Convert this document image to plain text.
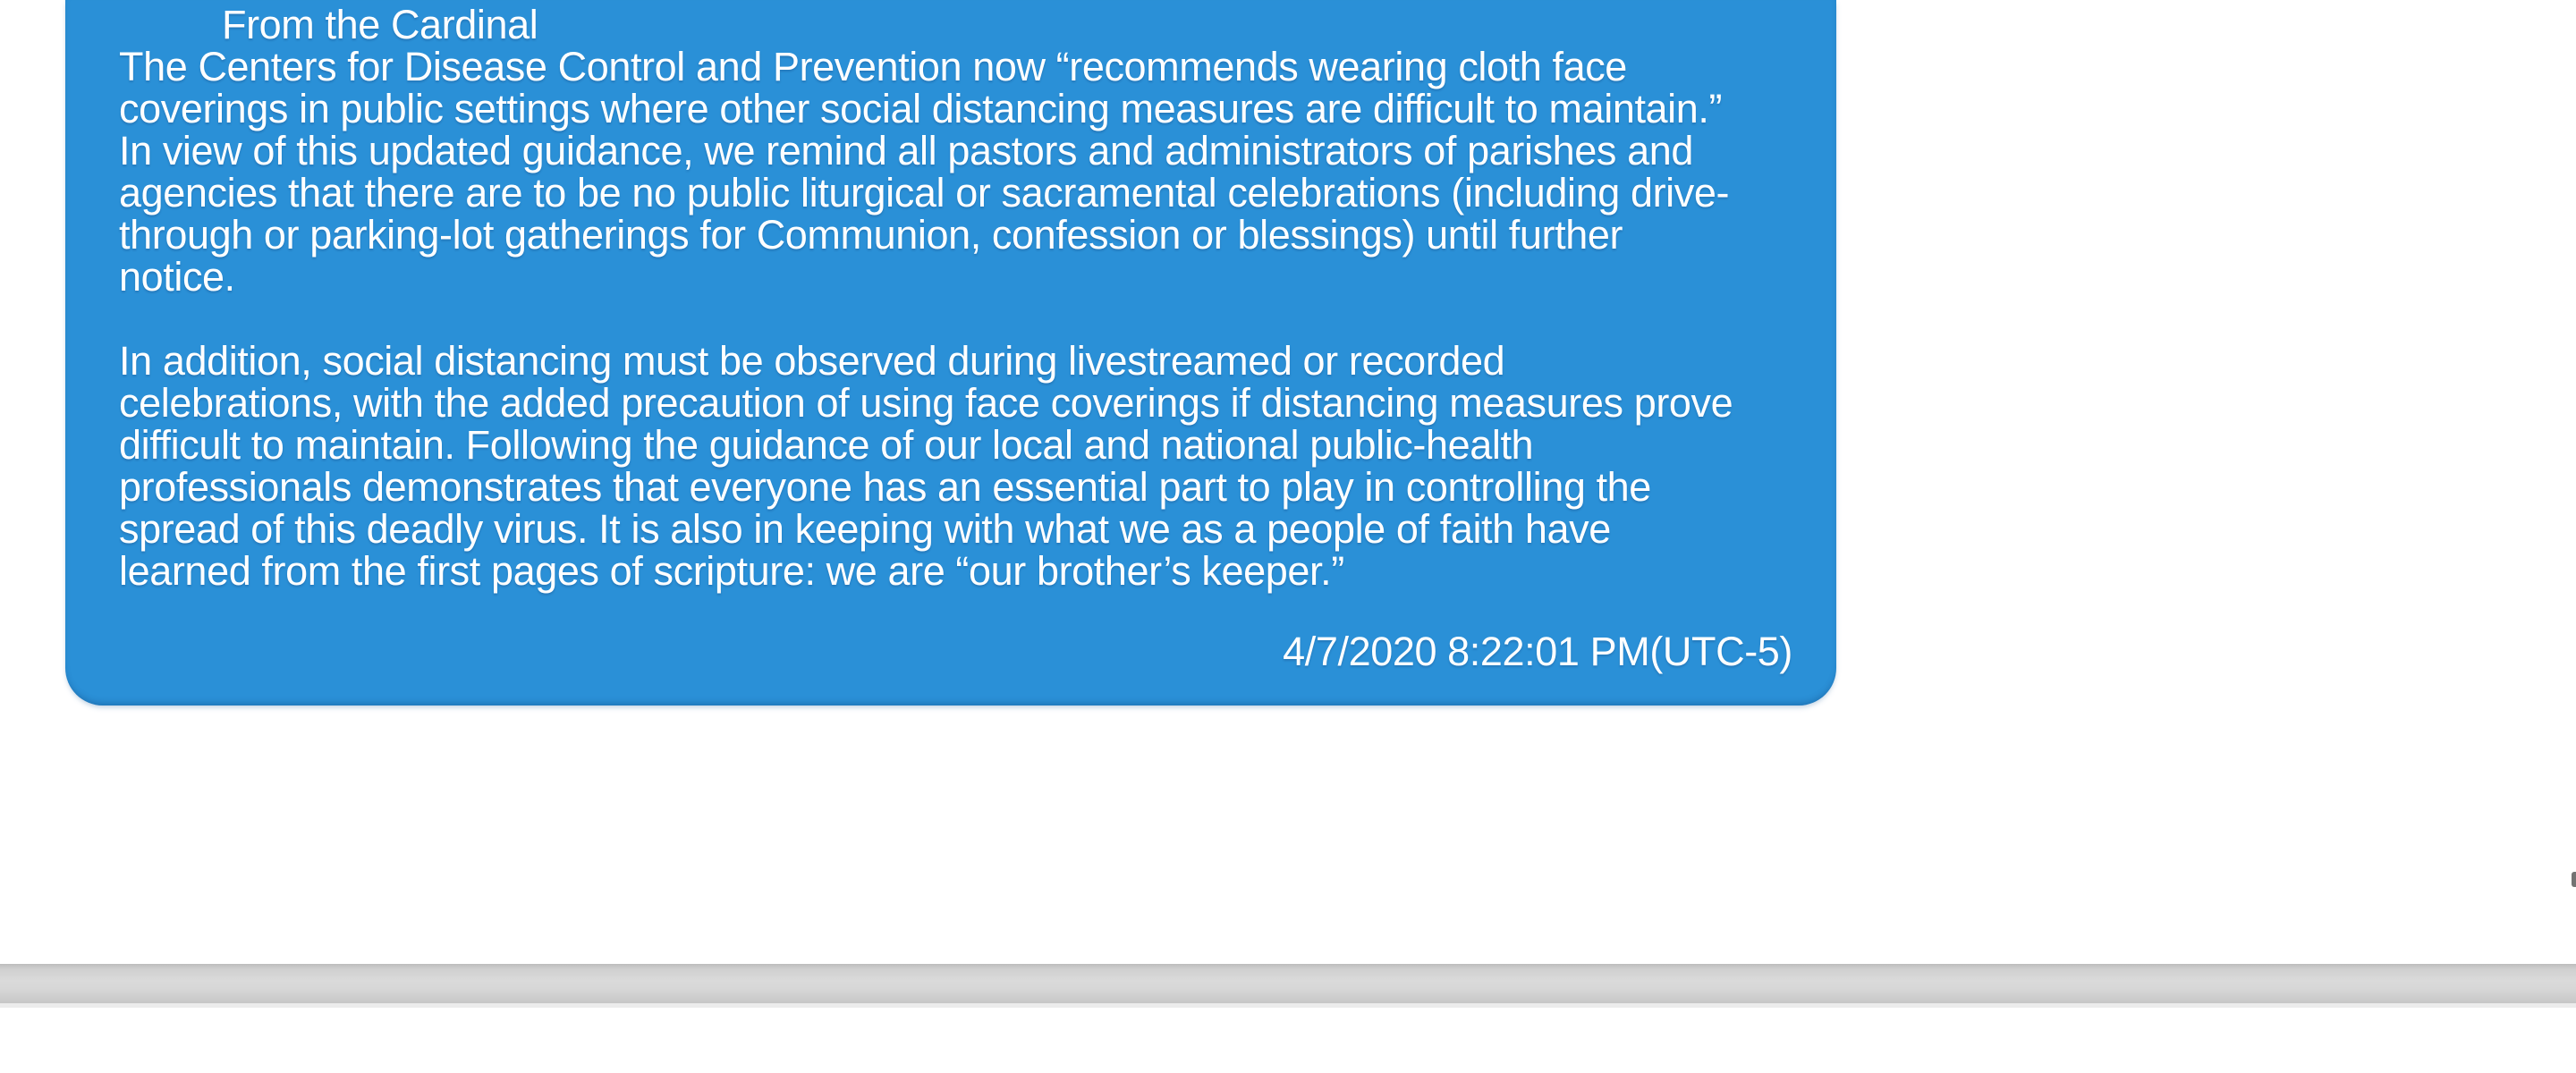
From the Cardinal
The Centers for Disease Control and Prevention now “recommends wearing cloth face
coverings in public settings where other social distancing measures are difficult to maintain.”
In view of this updated guidance, we remind all pastors and administrators of parishes and
agencies that there are to be no public liturgical or sacramental celebrations (including drive-
through or parking-lot gatherings for Communion, confession or blessings) until further
notice.

In addition, social distancing must be observed during livestreamed or recorded
celebrations, with the added precaution of using face coverings if distancing measures prove
difficult to maintain. Following the guidance of our local and national public-health
professionals demonstrates that everyone has an essential part to play in controlling the
spread of this deadly virus. It is also in keeping with what we as a people of faith have
learned from the first pages of scripture: we are “our brother’s keeper.”
4/7/2020 8:22:01 PM(UTC-5)
